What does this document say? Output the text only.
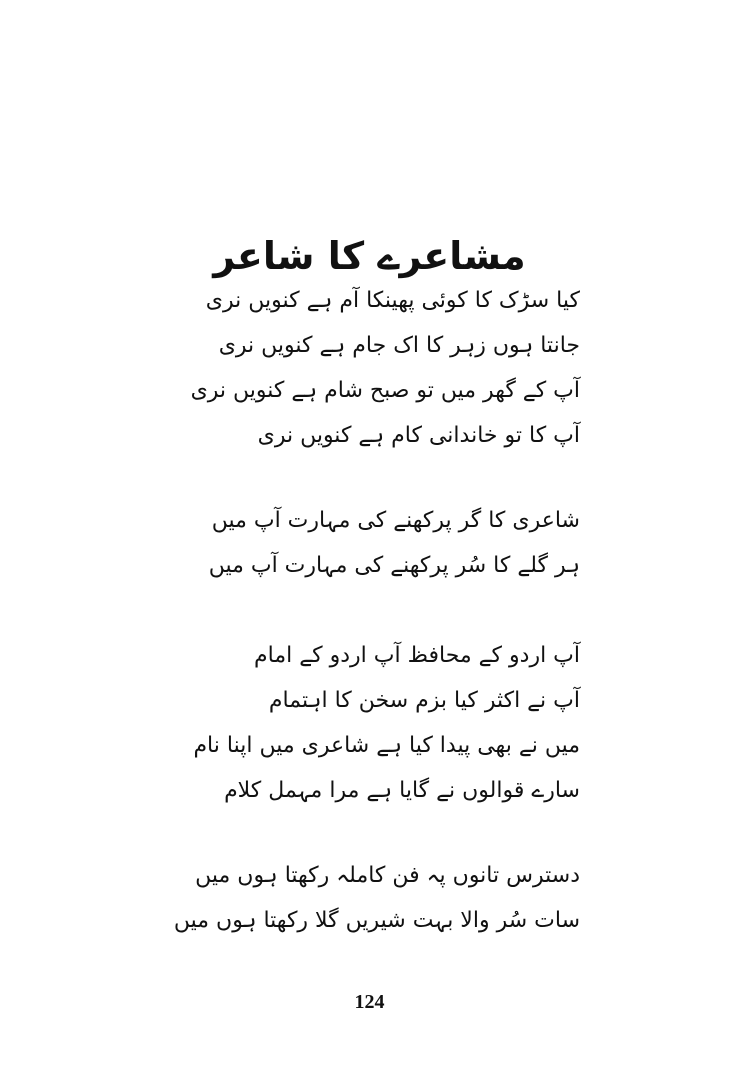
مشاعرے کا شاعر
کیا سڑک کا کوئی پھینکا آم ہے کنویں نری
جانتا ہوں زہر کا اک جام ہے کنویں نری
آپ کے گھر میں تو صبح شام ہے کنویں نری
آپ کا تو خاندانی کام ہے کنویں نری
شاعری کا گر پرکھنے کی مہارت آپ میں
ہر گلے کا سُر پرکھنے کی مہارت آپ میں
آپ اردو کے محافظ آپ اردو کے امام
آپ نے اکثر کیا بزم سخن کا اہتمام
میں نے بھی پیدا کیا ہے شاعری میں اپنا نام
سارے قوالوں نے گایا ہے مرا مہمل کلام
دسترس تانوں پہ فن کاملہ رکھتا ہوں میں
سات سُر والا بہت شیریں گلا رکھتا ہوں میں
124
